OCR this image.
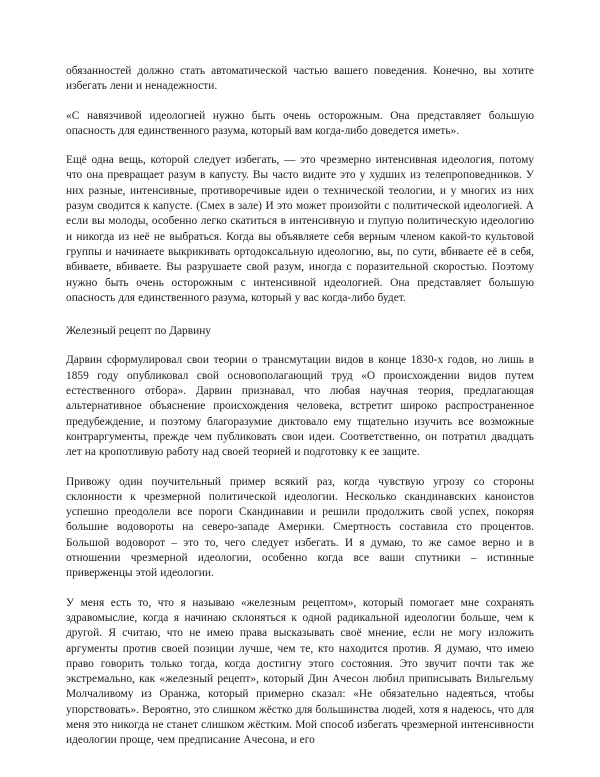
обязанностей должно стать автоматической частью вашего поведения. Конечно, вы хотите избегать лени и ненадежности.

«С навязчивой идеологией нужно быть очень осторожным. Она представляет большую опасность для единственного разума, который вам когда-либо доведется иметь».

Ещё одна вещь, которой следует избегать, — это чрезмерно интенсивная идеология, потому что она превращает разум в капусту. Вы часто видите это у худших из телепроповедников. У них разные, интенсивные, противоречивые идеи о технической теологии, и у многих из них разум сводится к капусте. (Смех в зале) И это может произойти с политической идеологией. А если вы молоды, особенно легко скатиться в интенсивную и глупую политическую идеологию и никогда из неё не выбраться. Когда вы объявляете себя верным членом какой-то культовой группы и начинаете выкрикивать ортодоксальную идеологию, вы, по сути, вбиваете её в себя, вбиваете, вбиваете. Вы разрушаете свой разум, иногда с поразительной скоростью. Поэтому нужно быть очень осторожным с интенсивной идеологией. Она представляет большую опасность для единственного разума, который у вас когда-либо будет.

Железный рецепт по Дарвину

Дарвин сформулировал свои теории о трансмутации видов в конце 1830-х годов, но лишь в 1859 году опубликовал свой основополагающий труд «О происхождении видов путем естественного отбора». Дарвин признавал, что любая научная теория, предлагающая альтернативное объяснение происхождения человека, встретит широко распространенное предубеждение, и поэтому благоразумие диктовало ему тщательно изучить все возможные контраргументы, прежде чем публиковать свои идеи. Соответственно, он потратил двадцать лет на кропотливую работу над своей теорией и подготовку к ее защите.

Привожу один поучительный пример всякий раз, когда чувствую угрозу со стороны склонности к чрезмерной политической идеологии. Несколько скандинавских каноистов успешно преодолели все пороги Скандинавии и решили продолжить свой успех, покоряя большие водовороты на северо-западе Америки. Смертность составила сто процентов. Большой водоворот – это то, чего следует избегать. И я думаю, то же самое верно и в отношении чрезмерной идеологии, особенно когда все ваши спутники – истинные приверженцы этой идеологии.

У меня есть то, что я называю «железным рецептом», который помогает мне сохранять здравомыслие, когда я начинаю склоняться к одной радикальной идеологии больше, чем к другой. Я считаю, что не имею права высказывать своё мнение, если не могу изложить аргументы против своей позиции лучше, чем те, кто находится против. Я думаю, что имею право говорить только тогда, когда достигну этого состояния. Это звучит почти так же экстремально, как «железный рецепт», который Дин Ачесон любил приписывать Вильгельму Молчаливому из Оранжа, который примерно сказал: «Не обязательно надеяться, чтобы упорствовать». Вероятно, это слишком жёстко для большинства людей, хотя я надеюсь, что для меня это никогда не станет слишком жёстким. Мой способ избегать чрезмерной интенсивности идеологии проще, чем предписание Ачесона, и его
